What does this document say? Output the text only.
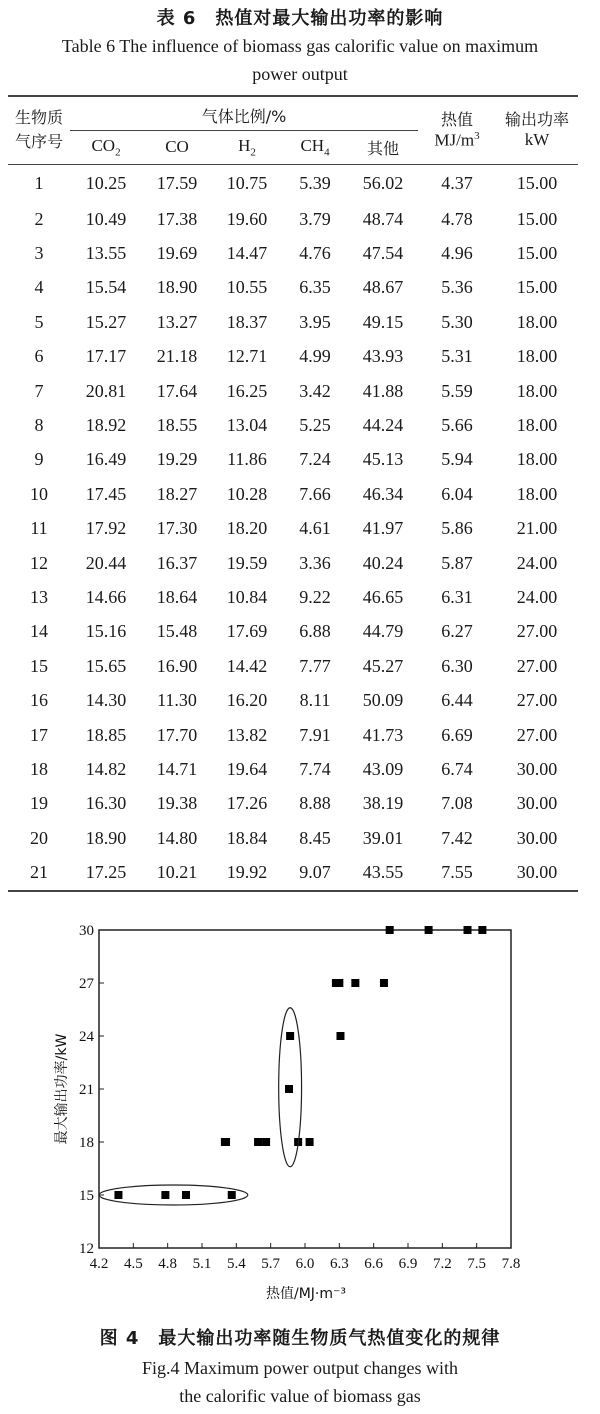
表 6　热值对最大输出功率的影响
Table 6 The influence of biomass gas calorific value on maximum power output
生物质气序号	气体比例/%					热值	输出功率
	$CO_2$	CO	$H_2$	$CH_4$	其他	$MJ/m^3$	kW
1	10.25	17.59	10.75	5.39	56.02	4.37	15.00
2	10.49	17.38	19.60	3.79	48.74	4.78	15.00
3	13.55	19.69	14.47	4.76	47.54	4.96	15.00
4	15.54	18.90	10.55	6.35	48.67	5.36	15.00
5	15.27	13.27	18.37	3.95	49.15	5.30	18.00
6	17.17	21.18	12.71	4.99	43.93	5.31	18.00
7	20.81	17.64	16.25	3.42	41.88	5.59	18.00
8	18.92	18.55	13.04	5.25	44.24	5.66	18.00
9	16.49	19.29	11.86	7.24	45.13	5.94	18.00
10	17.45	18.27	10.28	7.66	46.34	6.04	18.00
11	17.92	17.30	18.20	4.61	41.97	5.86	21.00
12	20.44	16.37	19.59	3.36	40.24	5.87	24.00
13	14.66	18.64	10.84	9.22	46.65	6.31	24.00
14	15.16	15.48	17.69	6.88	44.79	6.27	27.00
15	15.65	16.90	14.42	7.77	45.27	6.30	27.00
16	14.30	11.30	16.20	8.11	50.09	6.44	27.00
17	18.85	17.70	13.82	7.91	41.73	6.69	27.00
18	14.82	14.71	19.64	7.74	43.09	6.74	30.00
19	16.30	19.38	17.26	8.88	38.19	7.08	30.00
20	18.90	14.80	18.84	8.45	39.01	7.42	30.00
21	17.25	10.21	19.92	9.07	43.55	7.55	30.00
4.2 4.5 4.8 5.1 5.4 5.7 6.0 6.3 6.6 6.9 7.2 7.5 7.8
12
15
18
21
24
27
30
热值/MJ·m⁻³
最大输出功率/kW
图 4　最大输出功率随生物质气热值变化的规律
Fig.4 Maximum power output changes with
the calorific value of biomass gas
